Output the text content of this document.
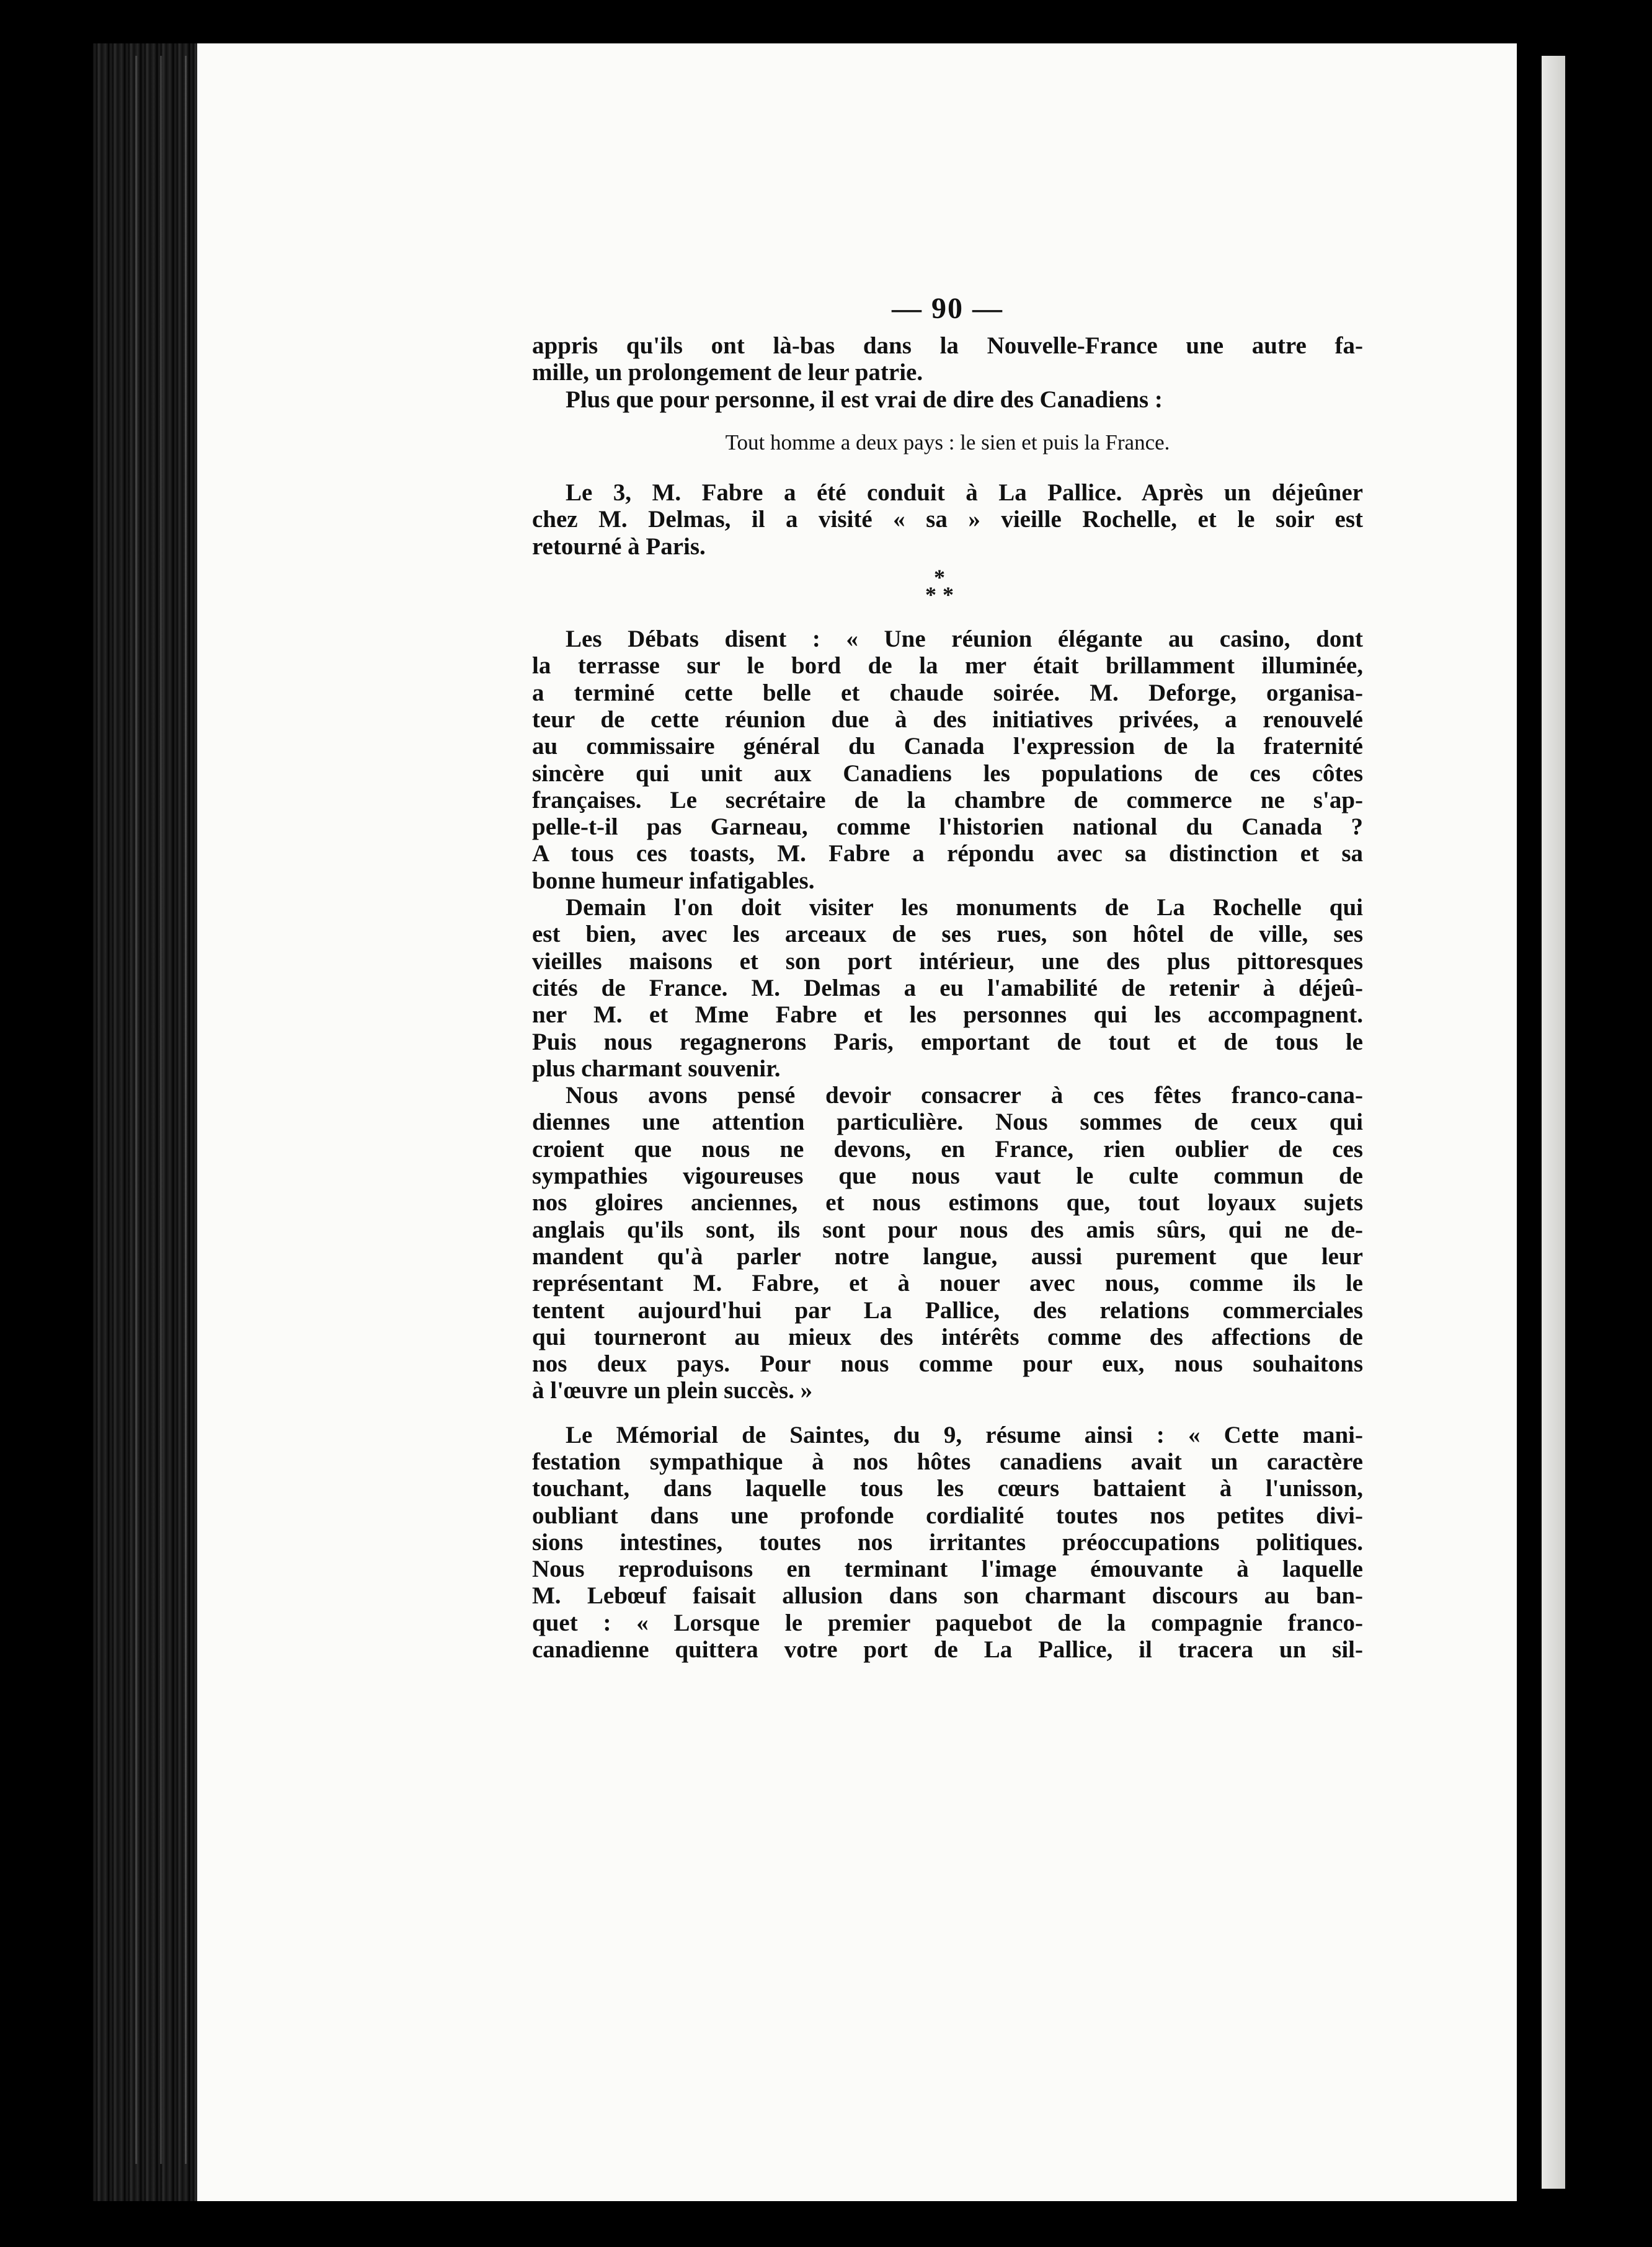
— 90 —
appris qu'ils ont là-bas dans la Nouvelle-France une autre fa-
mille, un prolongement de leur patrie.
Plus que pour personne, il est vrai de dire des Canadiens :
Tout homme a deux pays : le sien et puis la France.
Le 3, M. Fabre a été conduit à La Pallice. Après un déjeûner
chez M. Delmas, il a visité « sa » vieille Rochelle, et le soir est
retourné à Paris.
*
* *
Les Débats disent : « Une réunion élégante au casino, dont
la terrasse sur le bord de la mer était brillamment illuminée,
a terminé cette belle et chaude soirée. M. Deforge, organisa-
teur de cette réunion due à des initiatives privées, a renouvelé
au commissaire général du Canada l'expression de la fraternité
sincère qui unit aux Canadiens les populations de ces côtes
françaises. Le secrétaire de la chambre de commerce ne s'ap-
pelle-t-il pas Garneau, comme l'historien national du Canada ?
A tous ces toasts, M. Fabre a répondu avec sa distinction et sa
bonne humeur infatigables.
Demain l'on doit visiter les monuments de La Rochelle qui
est bien, avec les arceaux de ses rues, son hôtel de ville, ses
vieilles maisons et son port intérieur, une des plus pittoresques
cités de France. M. Delmas a eu l'amabilité de retenir à déjeû-
ner M. et Mme Fabre et les personnes qui les accompagnent.
Puis nous regagnerons Paris, emportant de tout et de tous le
plus charmant souvenir.
Nous avons pensé devoir consacrer à ces fêtes franco-cana-
diennes une attention particulière. Nous sommes de ceux qui
croient que nous ne devons, en France, rien oublier de ces
sympathies vigoureuses que nous vaut le culte commun de
nos gloires anciennes, et nous estimons que, tout loyaux sujets
anglais qu'ils sont, ils sont pour nous des amis sûrs, qui ne de-
mandent qu'à parler notre langue, aussi purement que leur
représentant M. Fabre, et à nouer avec nous, comme ils le
tentent aujourd'hui par La Pallice, des relations commerciales
qui tourneront au mieux des intérêts comme des affections de
nos deux pays. Pour nous comme pour eux, nous souhaitons
à l'œuvre un plein succès. »
Le Mémorial de Saintes, du 9, résume ainsi : « Cette mani-
festation sympathique à nos hôtes canadiens avait un caractère
touchant, dans laquelle tous les cœurs battaient à l'unisson,
oubliant dans une profonde cordialité toutes nos petites divi-
sions intestines, toutes nos irritantes préoccupations politiques.
Nous reproduisons en terminant l'image émouvante à laquelle
M. Lebœuf faisait allusion dans son charmant discours au ban-
quet : « Lorsque le premier paquebot de la compagnie franco-
canadienne quittera votre port de La Pallice, il tracera un sil-
